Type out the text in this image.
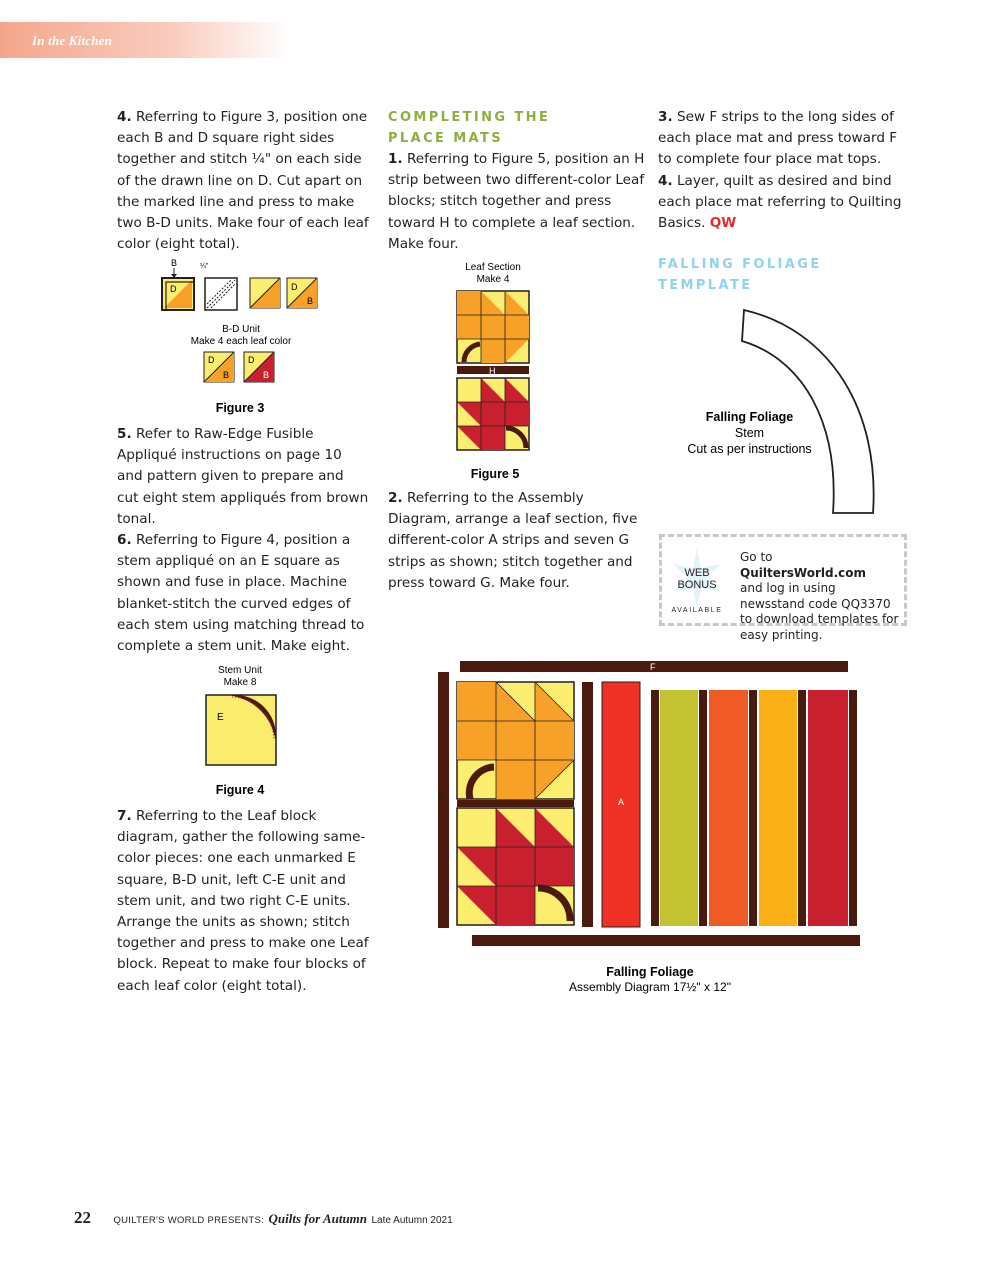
In the Kitchen

4. Referring to Figure 3, position one each B and D square right sides together and stitch ¼" on each side of the drawn line on D. Cut apart on the marked line and press to make two B-D units. Make four of each leaf color (eight total).

D
B	¼"
D
B
D
B
D
B
B-D Unit
Make 4 each leaf color
Figure 3

5. Refer to Raw-Edge Fusible Appliqué instructions on page 10 and pattern given to prepare and cut eight stem appliqués from brown tonal.

6. Referring to Figure 4, position a stem appliqué on an E square as shown and fuse in place. Machine blanket-stitch the curved edges of each stem using matching thread to complete a stem unit. Make eight.

Stem Unit
Make 8
E
Figure 4

7. Referring to the Leaf block diagram, gather the following same-color pieces: one each unmarked E square, B-D unit, left C-E unit and stem unit, and two right C-E units. Arrange the units as shown; stitch together and press to make one Leaf block. Repeat to make four blocks of each leaf color (eight total).

COMPLETING THE
PLACE MATS

1. Referring to Figure 5, position an H strip between two different-color Leaf blocks; stitch together and press toward H to complete a leaf section. Make four.

Leaf Section
Make 4
H
Figure 5

2. Referring to the Assembly Diagram, arrange a leaf section, five different-color A strips and seven G strips as shown; stitch together and press toward G. Make four.

3. Sew F strips to the long sides of each place mat and press toward F to complete four place mat tops.

4. Layer, quilt as desired and bind each place mat referring to Quilting Basics. QW

FALLING FOLIAGE
TEMPLATE

Falling Foliage
Stem
Cut as per instructions
WEB
BONUS
AVAILABLE
Go to QuiltersWorld.com
and log in using newsstand code QQ3370 to download templates for easy printing.
F
G
A
Falling Foliage
Assembly Diagram 17½" x 12"
22 QUILTER'S WORLD PRESENTS: Quilts for Autumn Late Autumn 2021
